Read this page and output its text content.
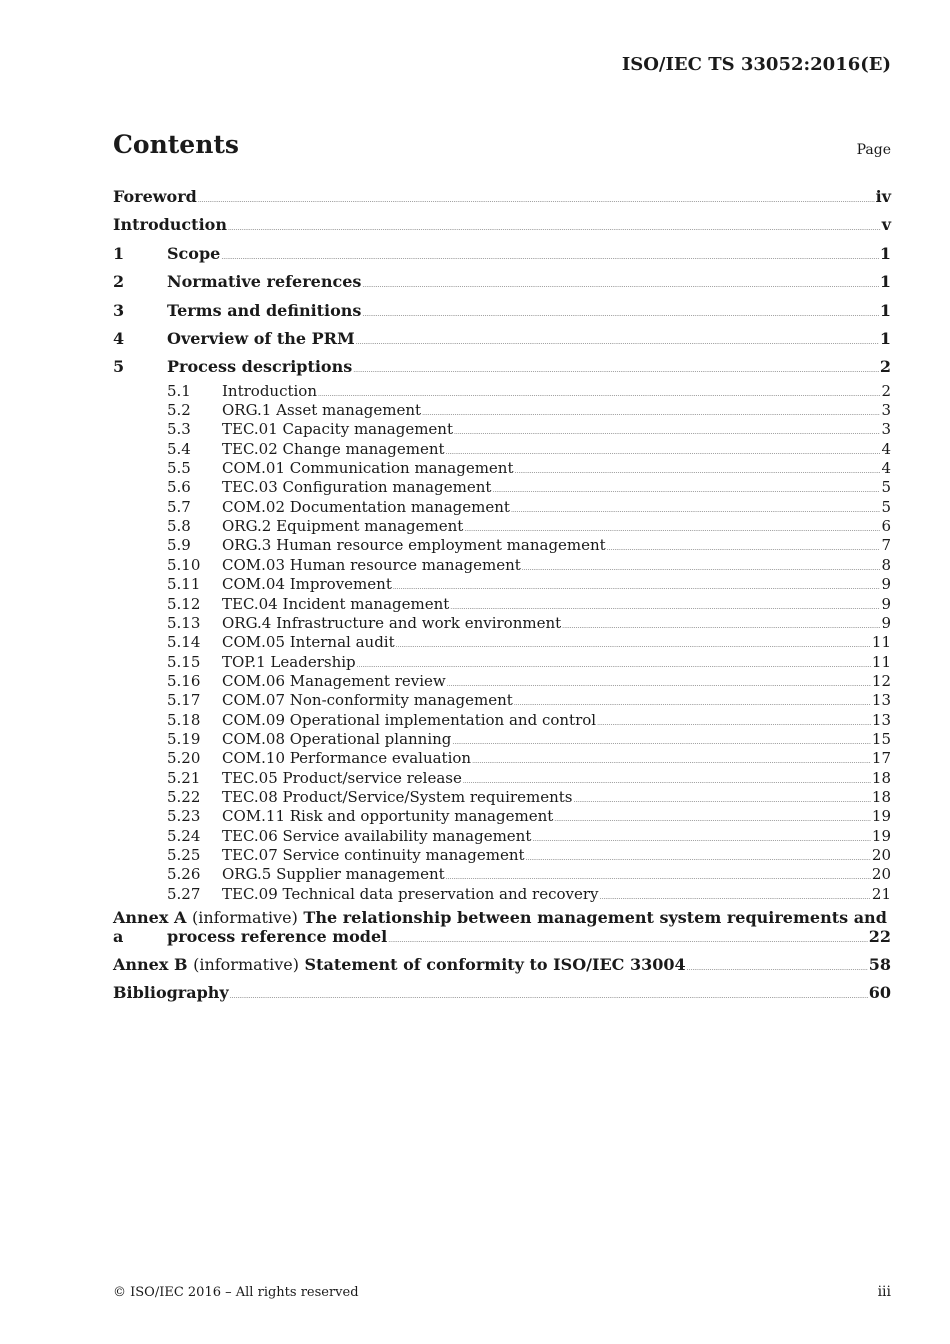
ISO/IEC TS 33052:2016(E)
Contents	Page
Foreword .....	iv
Introduction .....	v
1	Scope .....	1
2	Normative references .....	1
3	Terms and definitions .....	1
4	Overview of the PRM .....	1
5	Process descriptions .....	2
5.1	Introduction .....	2
5.2	ORG.1 Asset management .....	3
5.3	TEC.01 Capacity management .....	3
5.4	TEC.02 Change management .....	4
5.5	COM.01 Communication management .....	4
5.6	TEC.03 Configuration management .....	5
5.7	COM.02 Documentation management .....	5
5.8	ORG.2 Equipment management .....	6
5.9	ORG.3 Human resource employment management .....	7
5.10	COM.03 Human resource management .....	8
5.11	COM.04 Improvement .....	9
5.12	TEC.04 Incident management .....	9
5.13	ORG.4 Infrastructure and work environment .....	9
5.14	COM.05 Internal audit .....	11
5.15	TOP.1 Leadership .....	11
5.16	COM.06 Management review .....	12
5.17	COM.07 Non-conformity management .....	13
5.18	COM.09 Operational implementation and control .....	13
5.19	COM.08 Operational planning .....	15
5.20	COM.10 Performance evaluation .....	17
5.21	TEC.05 Product/service release .....	18
5.22	TEC.08 Product/Service/System requirements .....	18
5.23	COM.11 Risk and opportunity management .....	19
5.24	TEC.06 Service availability management .....	19
5.25	TEC.07 Service continuity management .....	20
5.26	ORG.5 Supplier management .....	20
5.27	TEC.09 Technical data preservation and recovery .....	21
Annex A (informative) The relationship between management system requirements and a	process reference model .....	22
Annex B (informative) Statement of conformity to ISO/IEC 33004 .....	58
Bibliography .....	60
© ISO/IEC 2016 – All rights reserved	iii
